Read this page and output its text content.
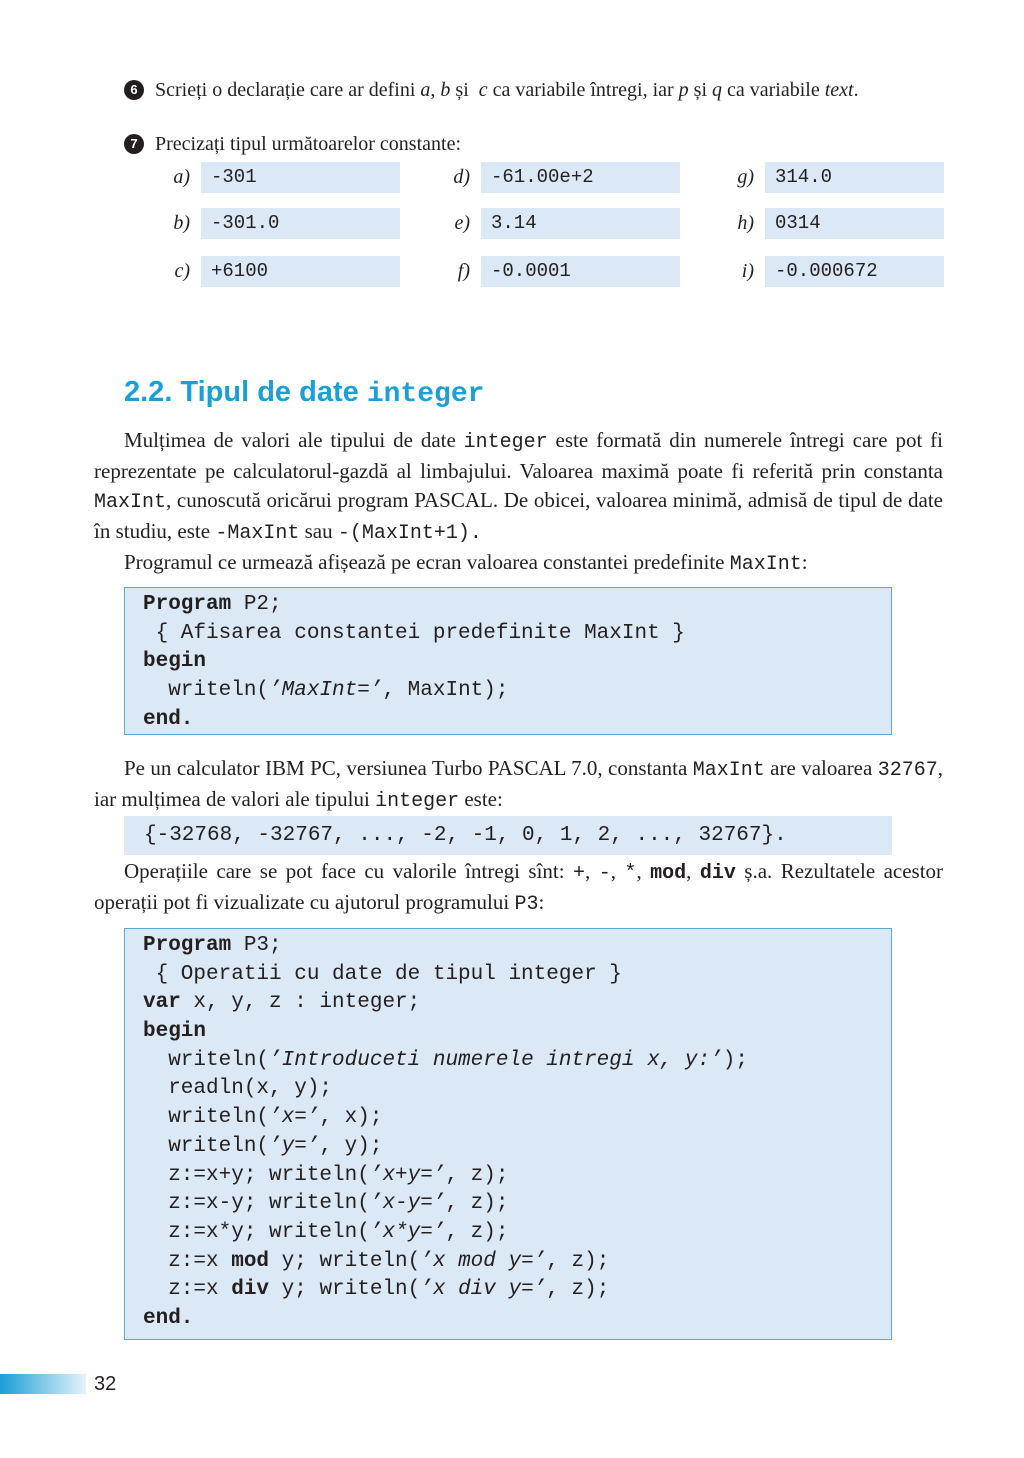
6 Scrieți o declarație care ar defini a, b și c ca variabile întregi, iar p și q ca variabile text.
7 Precizați tipul următoarelor constante:
a)	-301
b)	-301.0
c)	+6100
d)	-61.00e+2
e)	3.14
f)	-0.0001
g)	314.0
h)	0314
i)	-0.000672
2.2. Tipul de date integer

Mulțimea de valori ale tipului de date integer este formată din numerele întregi care pot fi reprezentate pe calculatorul-gazdă al limbajului. Valoarea maximă poate fi referită prin constanta MaxInt, cunoscută oricărui program PASCAL. De obicei, valoarea minimă, admisă de tipul de date în studiu, este -MaxInt sau -(MaxInt+1).

Programul ce urmează afișează pe ecran valoarea constantei predefinite MaxInt:

Program P2;
{ Afisarea constantei predefinite MaxInt }
begin
writeln(’MaxInt=’, MaxInt);
end.

Pe un calculator IBM PC, versiunea Turbo PASCAL 7.0, constanta MaxInt are valoarea 32767, iar mulțimea de valori ale tipului integer este:

{-32768, -32767, ..., -2, -1, 0, 1, 2, ..., 32767}.

Operațiile care se pot face cu valorile întregi sînt: +, -, *, mod, div ș.a. Rezultatele acestor operații pot fi vizualizate cu ajutorul programului P3:

Program P3;
{ Operatii cu date de tipul integer }
var x, y, z : integer;
begin
writeln(’Introduceti numerele intregi x, y:’);
readln(x, y);
writeln(’x=’, x);
writeln(’y=’, y);
z:=x+y; writeln(’x+y=’, z);
z:=x-y; writeln(’x-y=’, z);
z:=x*y; writeln(’x*y=’, z);
z:=x mod y; writeln(’x mod y=’, z);
z:=x div y; writeln(’x div y=’, z);
end.
32
